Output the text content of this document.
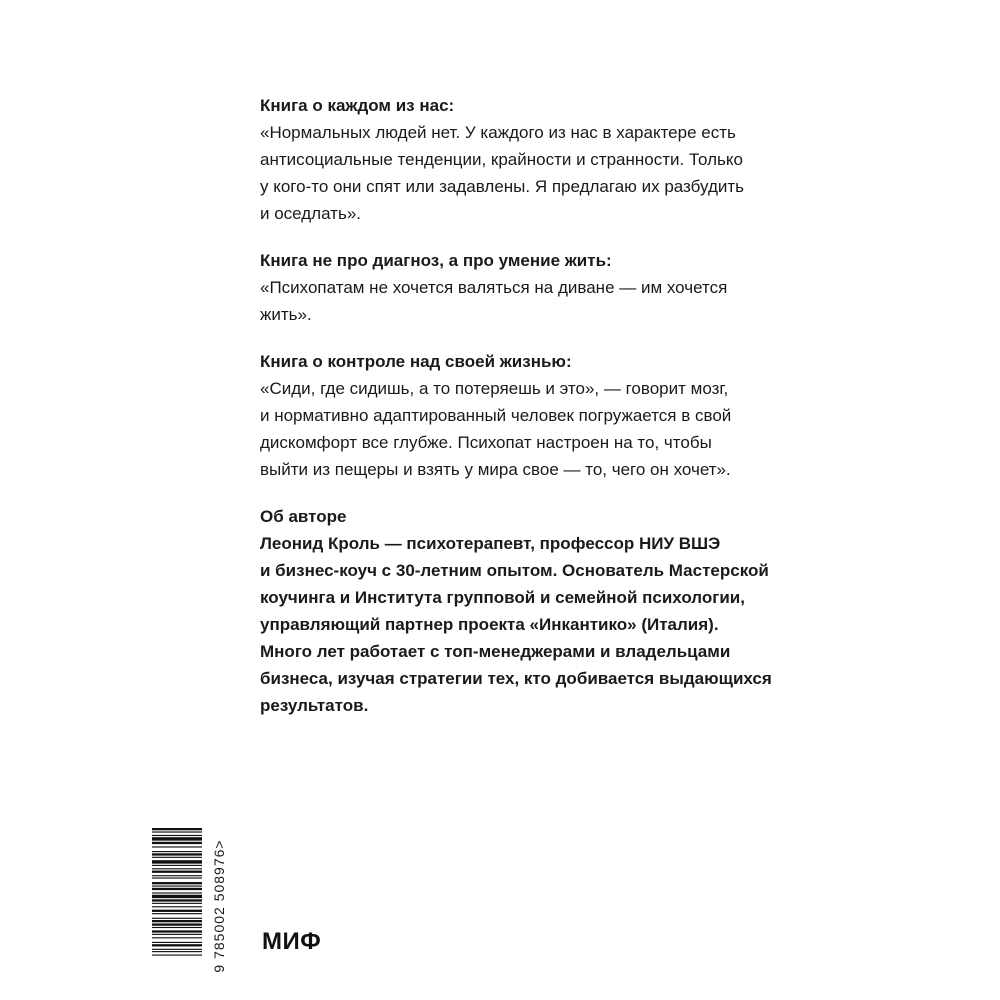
Книга о каждом из нас:
«Нормальных людей нет. У каждого из нас в характере есть
антисоциальные тенденции, крайности и странности. Только
у кого-то они спят или задавлены. Я предлагаю их разбудить
и оседлать».
Книга не про диагноз, а про умение жить:
«Психопатам не хочется валяться на диване — им хочется
жить».
Книга о контроле над своей жизнью:
«Сиди, где сидишь, а то потеряешь и это», — говорит мозг,
и нормативно адаптированный человек погружается в свой
дискомфорт все глубже. Психопат настроен на то, чтобы
выйти из пещеры и взять у мира свое — то, чего он хочет».
Об авторе
Леонид Кроль — психотерапевт, профессор НИУ ВШЭ
и бизнес-коуч с 30-летним опытом. Основатель Мастерской
коучинга и Института групповой и семейной психологии,
управляющий партнер проекта «Инкантико» (Италия).
Много лет работает с топ-менеджерами и владельцами
бизнеса, изучая стратегии тех, кто добивается выдающихся
результатов.
9 785002 508976>
МИФ
